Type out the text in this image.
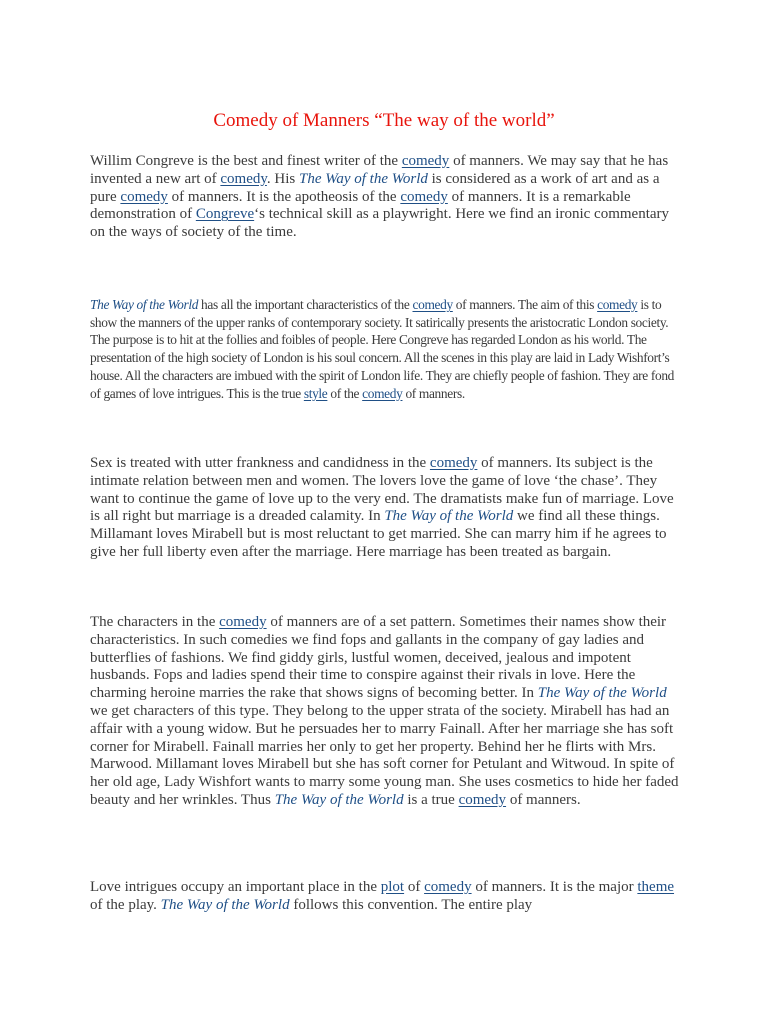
Comedy of Manners “The way of the world”

Willim Congreve is the best and finest writer of the comedy of manners. We may say that he has invented a new art of comedy. His The Way of the World is considered as a work of art and as a pure comedy of manners. It is the apotheosis of the comedy of manners. It is a remarkable demonstration of Congreve‘s technical skill as a playwright. Here we find an ironic commentary on the ways of society of the time.

The Way of the World has all the important characteristics of the comedy of manners. The aim of this comedy is to show the manners of the upper ranks of contemporary society. It satirically presents the aristocratic London society. The purpose is to hit at the follies and foibles of people. Here Congreve has regarded London as his world. The presentation of the high society of London is his soul concern. All the scenes in this play are laid in Lady Wishfort’s house. All the characters are imbued with the spirit of London life. They are chiefly people of fashion. They are fond of games of love intrigues. This is the true style of the comedy of manners.

Sex is treated with utter frankness and candidness in the comedy of manners. Its subject is the intimate relation between men and women. The lovers love the game of love ‘the chase’. They want to continue the game of love up to the very end. The dramatists make fun of marriage. Love is all right but marriage is a dreaded calamity. In The Way of the World we find all these things. Millamant loves Mirabell but is most reluctant to get married. She can marry him if he agrees to give her full liberty even after the marriage. Here marriage has been treated as bargain.

The characters in the comedy of manners are of a set pattern. Sometimes their names show their characteristics. In such comedies we find fops and gallants in the company of gay ladies and butterflies of fashions. We find giddy girls, lustful women, deceived, jealous and impotent husbands. Fops and ladies spend their time to conspire against their rivals in love. Here the charming heroine marries the rake that shows signs of becoming better. In The Way of the World we get characters of this type. They belong to the upper strata of the society. Mirabell has had an affair with a young widow. But he persuades her to marry Fainall. After her marriage she has soft corner for Mirabell. Fainall marries her only to get her property. Behind her he flirts with Mrs. Marwood. Millamant loves Mirabell but she has soft corner for Petulant and Witwoud. In spite of her old age, Lady Wishfort wants to marry some young man. She uses cosmetics to hide her faded beauty and her wrinkles. Thus The Way of the World is a true comedy of manners.

Love intrigues occupy an important place in the plot of comedy of manners. It is the major theme of the play. The Way of the World follows this convention. The entire play
